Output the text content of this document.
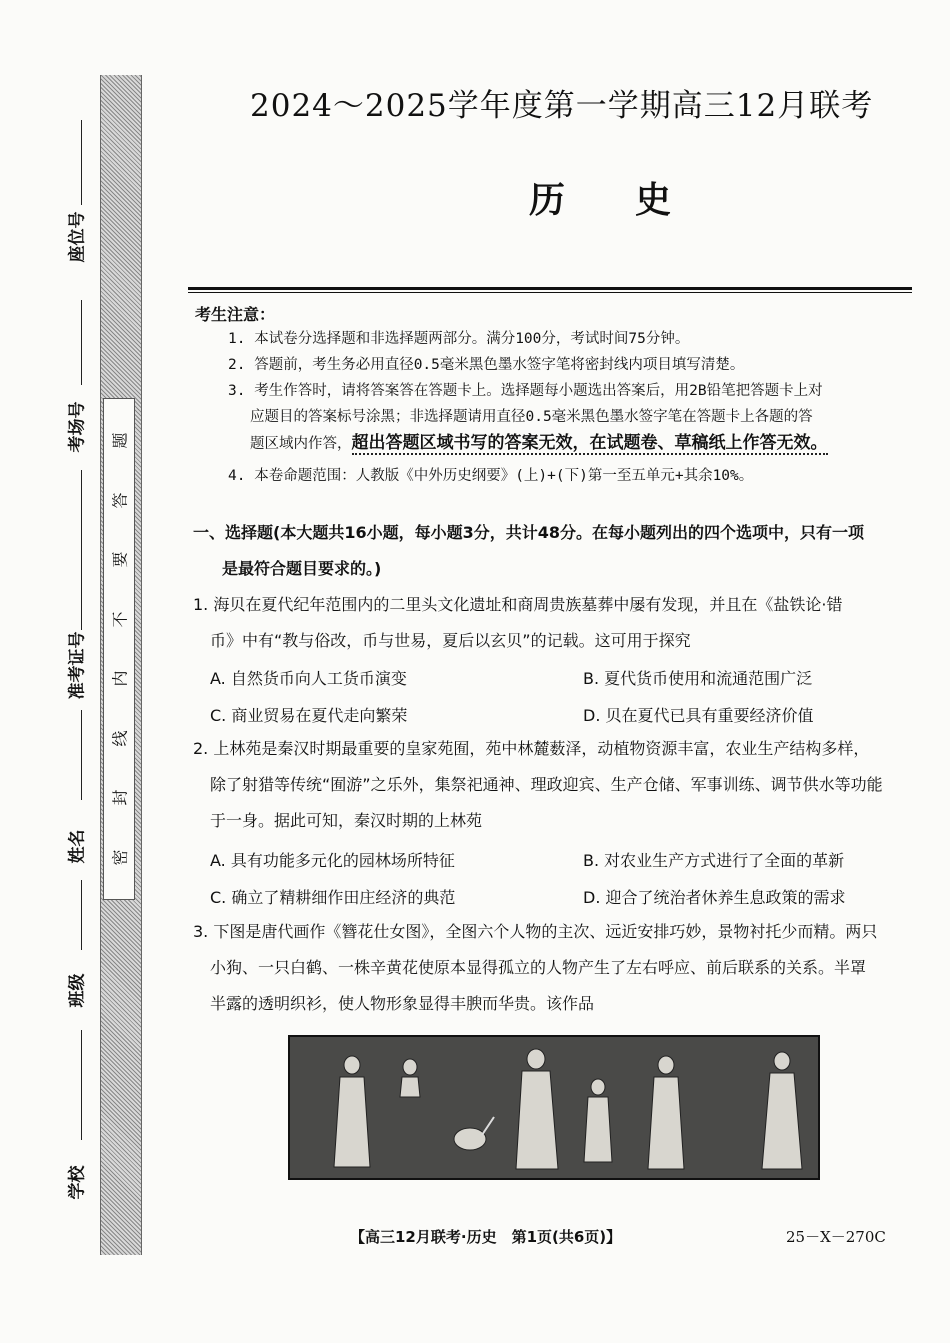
座位号
考场号
准考证号
姓名
班级
学校
题
答
要
不
内
线
封
密
2024～2025学年度第一学期高三12月联考
历史
考生注意：
1. 本试卷分选择题和非选择题两部分。满分100分，考试时间75分钟。
2. 答题前，考生务必用直径0.5毫米黑色墨水签字笔将密封线内项目填写清楚。
3. 考生作答时，请将答案答在答题卡上。选择题每小题选出答案后，用2B铅笔把答题卡上对
应题目的答案标号涂黑；非选择题请用直径0.5毫米黑色墨水签字笔在答题卡上各题的答
题区域内作答，超出答题区域书写的答案无效，在试题卷、草稿纸上作答无效。
4. 本卷命题范围：人教版《中外历史纲要》(上)+(下)第一至五单元+其余10%。
一、选择题(本大题共16小题，每小题3分，共计48分。在每小题列出的四个选项中，只有一项
是最符合题目要求的。)
1. 海贝在夏代纪年范围内的二里头文化遗址和商周贵族墓葬中屡有发现，并且在《盐铁论·错
币》中有“教与俗改，币与世易，夏后以玄贝”的记载。这可用于探究
A. 自然货币向人工货币演变	B. 夏代货币使用和流通范围广泛
C. 商业贸易在夏代走向繁荣	D. 贝在夏代已具有重要经济价值
2. 上林苑是秦汉时期最重要的皇家苑囿，苑中林麓薮泽，动植物资源丰富，农业生产结构多样，
除了射猎等传统“囿游”之乐外，集祭祀通神、理政迎宾、生产仓储、军事训练、调节供水等功能
于一身。据此可知，秦汉时期的上林苑
A. 具有功能多元化的园林场所特征	B. 对农业生产方式进行了全面的革新
C. 确立了精耕细作田庄经济的典范	D. 迎合了统治者休养生息政策的需求
3. 下图是唐代画作《簪花仕女图》，全图六个人物的主次、远近安排巧妙，景物衬托少而精。两只
小狗、一只白鹤、一株辛黄花使原本显得孤立的人物产生了左右呼应、前后联系的关系。半罩
半露的透明织衫，使人物形象显得丰腴而华贵。该作品
【高三12月联考·历史　第1页(共6页)】	25－X－270C
